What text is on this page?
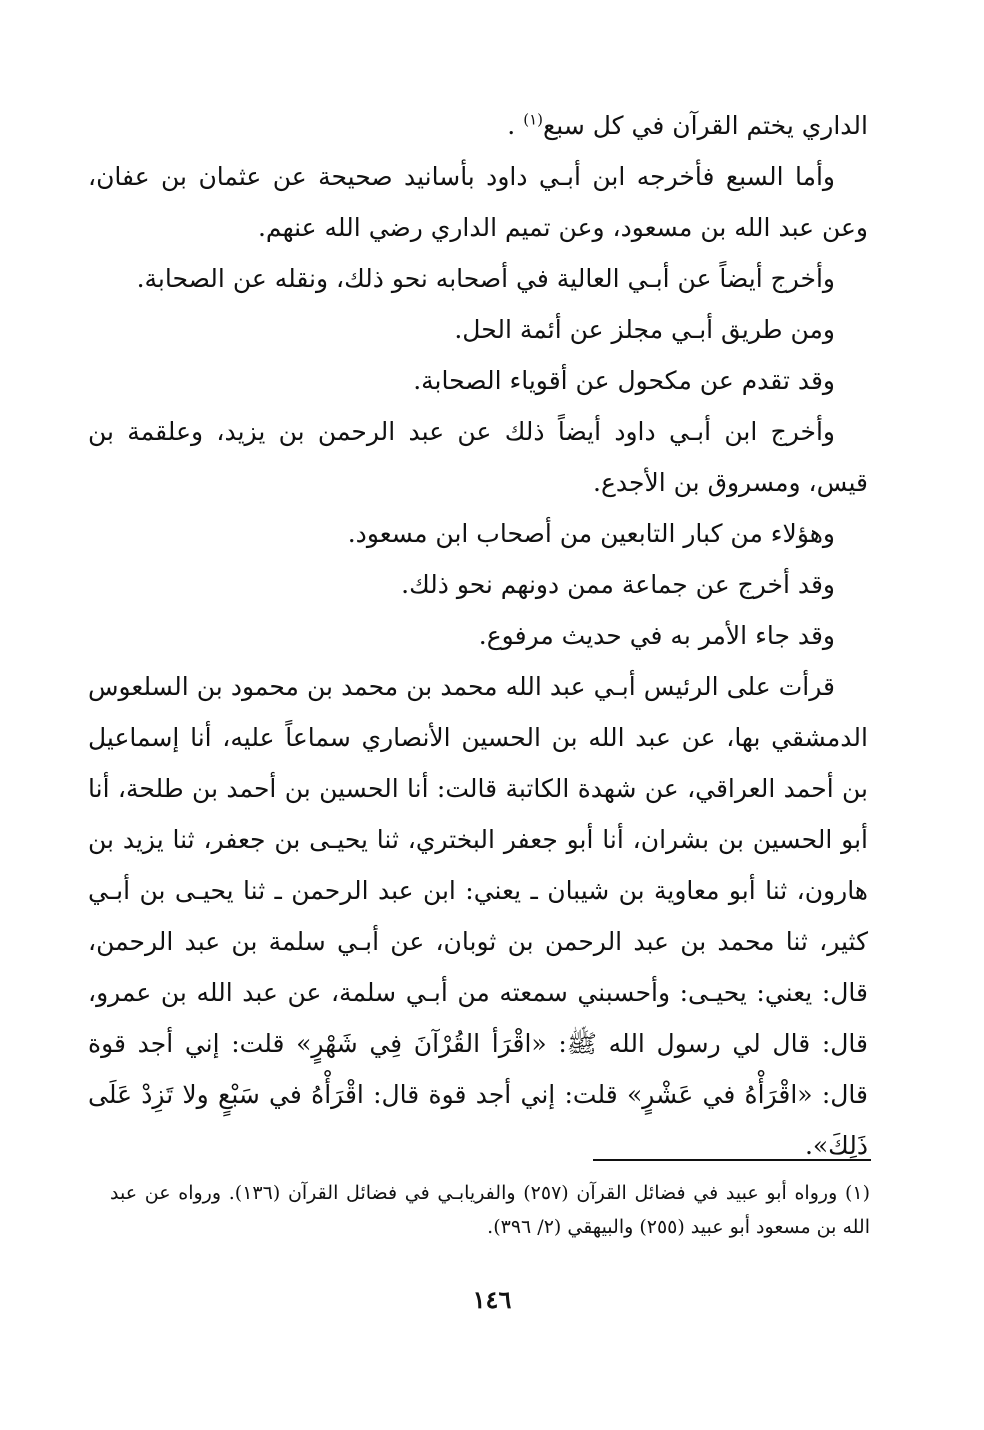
الداري يختم القرآن في كل سبع$^{(١)}$ .

وأما السبع فأخرجه ابن أبـي داود بأسانيد صحيحة عن عثمان بن عفان، وعن عبد الله بن مسعود، وعن تميم الداري رضي الله عنهم.

وأخرج أيضاً عن أبـي العالية في أصحابه نحو ذلك، ونقله عن الصحابة.

ومن طريق أبـي مجلز عن أئمة الحل.

وقد تقدم عن مكحول عن أقوياء الصحابة.

وأخرج ابن أبـي داود أيضاً ذلك عن عبد الرحمن بن يزيد، وعلقمة بن قيس، ومسروق بن الأجدع.

وهؤلاء من كبار التابعين من أصحاب ابن مسعود.

وقد أخرج عن جماعة ممن دونهم نحو ذلك.

وقد جاء الأمر به في حديث مرفوع.

قرأت على الرئيس أبـي عبد الله محمد بن محمد بن محمود بن السلعوس الدمشقي بها، عن عبد الله بن الحسين الأنصاري سماعاً عليه، أنا إسماعيل بن أحمد العراقي، عن شهدة الكاتبة قالت: أنا الحسين بن أحمد بن طلحة، أنا أبو الحسين بن بشران، أنا أبو جعفر البختري، ثنا يحيـى بن جعفر، ثنا يزيد بن هارون، ثنا أبو معاوية بن شيبان ـ يعني: ابن عبد الرحمن ـ ثنا يحيـى بن أبـي كثير، ثنا محمد بن عبد الرحمن بن ثوبان، عن أبـي سلمة بن عبد الرحمن، قال: يعني: يحيـى: وأحسبني سمعته من أبـي سلمة، عن عبد الله بن عمرو، قال: قال لي رسول الله ﷺ: «اقْرَأ القُرْآنَ فِي شَهْرٍ» قلت: إني أجد قوة قال: «اقْرَأْهُ في عَشْرٍ» قلت: إني أجد قوة قال: اقْرَأْهُ في سَبْعٍ ولا تَزِدْ عَلَى ذَلِكَ».

(١) ورواه أبو عبيد في فضائل القرآن (٢٥٧) والفريابـي في فضائل القرآن (١٣٦). ورواه عن عبد الله بن مسعود أبو عبيد (٢٥٥) والبيهقي (٢/ ٣٩٦).

١٤٦
